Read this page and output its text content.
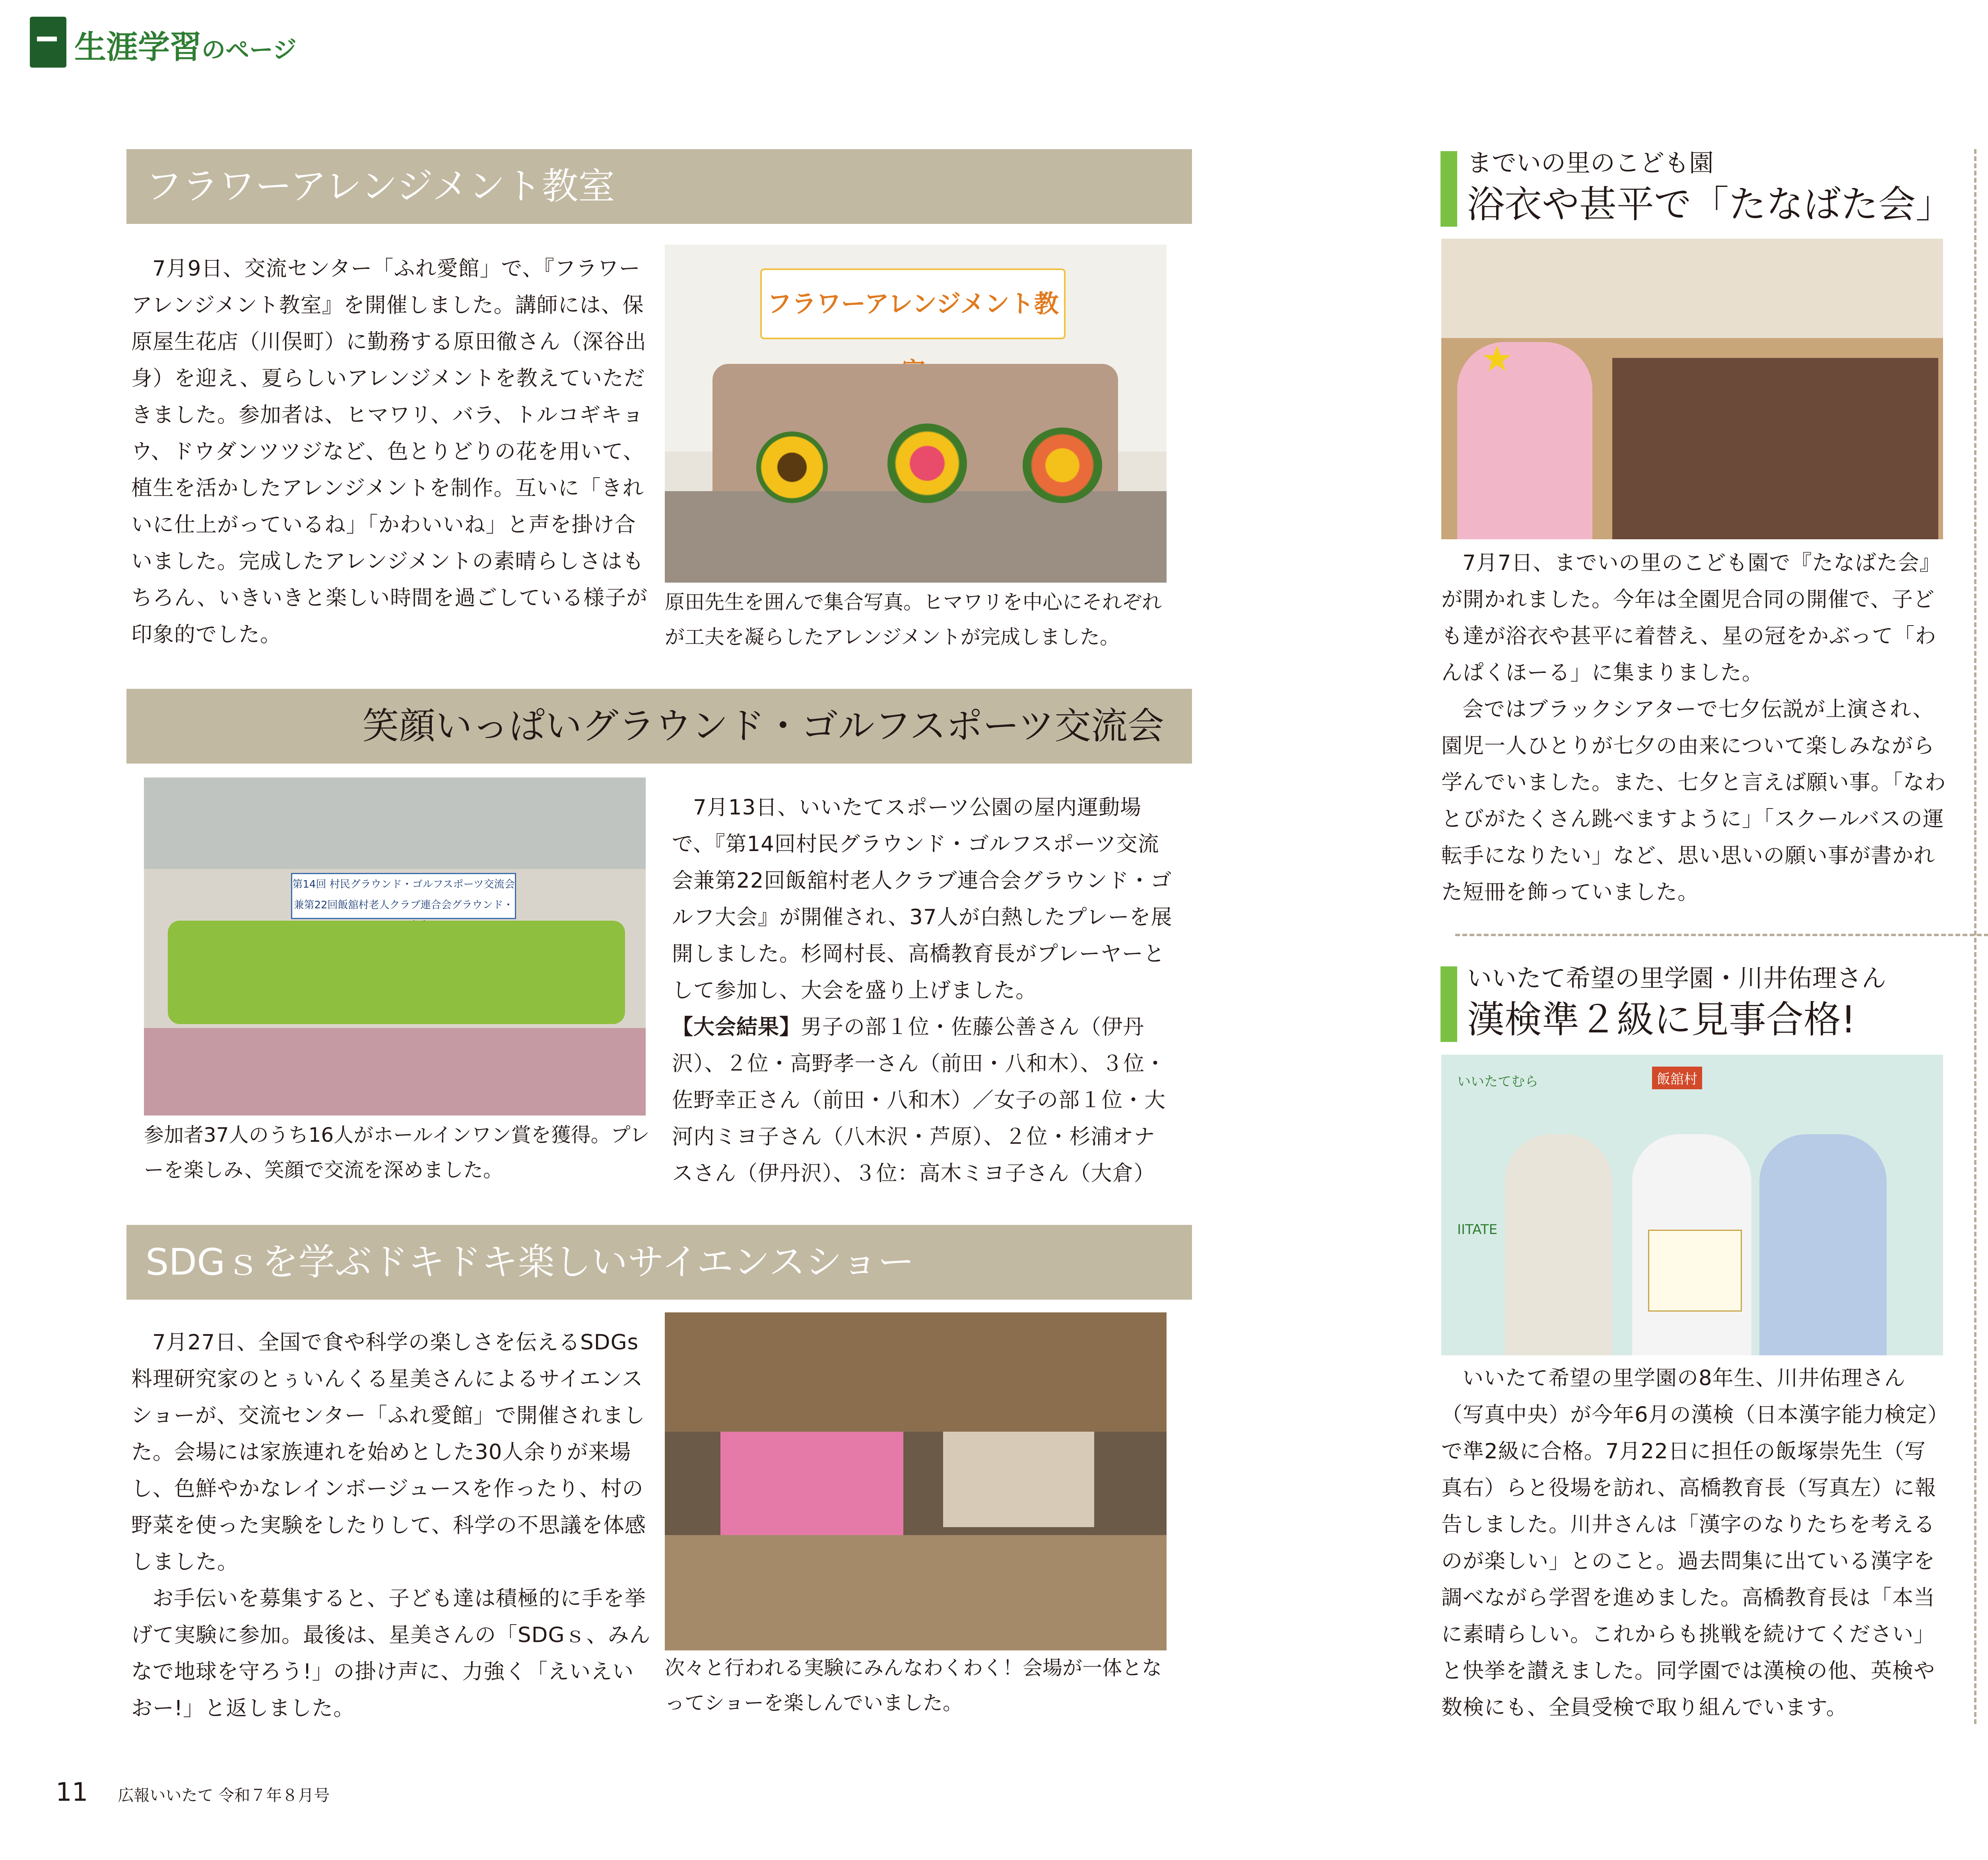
生涯学習のページ
フラワーアレンジメント教室

7月9日、交流センター「ふれ愛館」で、『フラワーアレンジメント教室』を開催しました。講師には、保原屋生花店（川俣町）に勤務する原田徹さん（深谷出身）を迎え、夏らしいアレンジメントを教えていただきました。参加者は、ヒマワリ、バラ、トルコギキョウ、ドウダンツツジなど、色とりどりの花を用いて、植生を活かしたアレンジメントを制作。互いに「きれいに仕上がっているね」「かわいいね」と声を掛け合いました。完成したアレンジメントの素晴らしさはもちろん、いきいきと楽しい時間を過ごしている様子が印象的でした。

フラワーアレンジメント教
原田先生を囲んで集合写真。ヒマワリを中心にそれぞれが工夫を凝らしたアレンジメントが完成しました。
笑顔いっぱいグラウンド・ゴルフスポーツ交流会
第14回 村民グラウンド・ゴルフスポーツ交流会
兼第22回飯舘村老人クラブ連合会グラウンド・
参加者37人のうち16人がホールインワン賞を獲得。プレーを楽しみ、笑顔で交流を深めました。

7月13日、いいたてスポーツ公園の屋内運動場で、『第14回村民グラウンド・ゴルフスポーツ交流会兼第22回飯舘村老人クラブ連合会グラウンド・ゴルフ大会』が開催され、37人が白熱したプレーを展開しました。杉岡村長、高橋教育長がプレーヤーとして参加し、大会を盛り上げました。

【大会結果】男子の部１位・佐藤公善さん（伊丹沢）、２位・高野孝一さん（前田・八和木）、３位・佐野幸正さん（前田・八和木）／女子の部１位・大河内ミヨ子さん（八木沢・芦原）、２位・杉浦オナスさん（伊丹沢）、３位：高木ミヨ子さん（大倉）

SDGｓを学ぶドキドキ楽しいサイエンスショー

7月27日、全国で食や科学の楽しさを伝えるSDGs料理研究家のとぅいんくる星美さんによるサイエンスショーが、交流センター「ふれ愛館」で開催されました。会場には家族連れを始めとした30人余りが来場し、色鮮やかなレインボージュースを作ったり、村の野菜を使った実験をしたりして、科学の不思議を体感しました。

お手伝いを募集すると、子ども達は積極的に手を挙げて実験に参加。最後は、星美さんの「SDGｓ、みんなで地球を守ろう!」の掛け声に、力強く「えいえいおー!」と返しました。

次々と行われる実験にみんなわくわく！会場が一体となってショーを楽しんでいました。
までいの里のこども園
浴衣や甚平で「たなばた会」
★

7月7日、までいの里のこども園で『たなばた会』が開かれました。今年は全園児合同の開催で、子ども達が浴衣や甚平に着替え、星の冠をかぶって「わんぱくほーる」に集まりました。

会ではブラックシアターで七夕伝説が上演され、園児一人ひとりが七夕の由来について楽しみながら学んでいました。また、七夕と言えば願い事。「なわとびがたくさん跳べますように」「スクールバスの運転手になりたい」など、思い思いの願い事が書かれた短冊を飾っていました。

いいたて希望の里学園・川井佑理さん
漢検準２級に見事合格!
いいたてむら	飯舘村
IITATE

いいたて希望の里学園の8年生、川井佑理さん（写真中央）が今年6月の漢検（日本漢字能力検定）で準2級に合格。7月22日に担任の飯塚崇先生（写真右）らと役場を訪れ、高橋教育長（写真左）に報告しました。川井さんは「漢字のなりたちを考えるのが楽しい」とのこと。過去問集に出ている漢字を調べながら学習を進めました。高橋教育長は「本当に素晴らしい。これからも挑戦を続けてください」と快挙を讃えました。同学園では漢検の他、英検や数検にも、全員受検で取り組んでいます。

11 広報いいたて 令和７年８月号
